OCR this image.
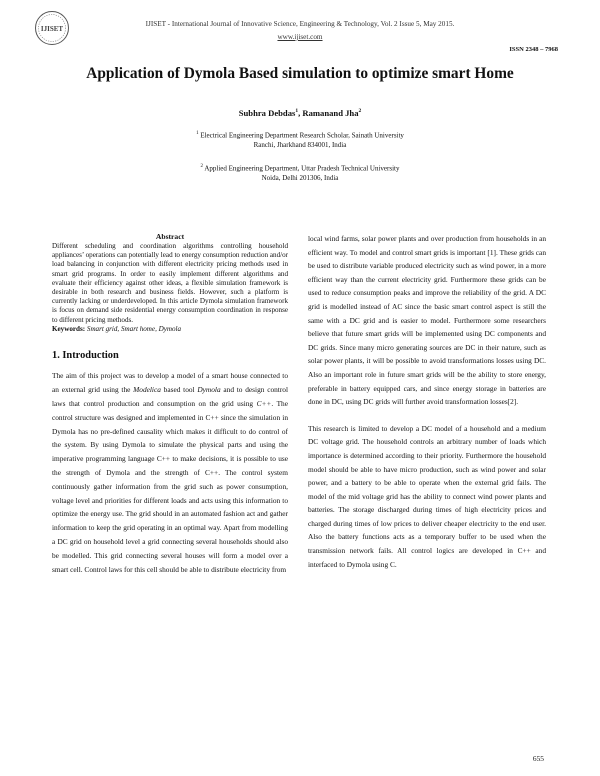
IJISET
IJISET - International Journal of Innovative Science, Engineering & Technology, Vol. 2 Issue 5, May 2015.
www.ijiset.com
ISSN 2348 – 7968
Application of Dymola Based simulation to optimize smart Home
Subhra Debdas$^1$, Ramanand Jha$^2$
$^1$ Electrical Engineering Department Research Scholar, Sainath University
Ranchi, Jharkhand 834001, India
$^2$ Applied Engineering Department, Uttar Pradesh Technical University
Noida, Delhi 201306, India
Abstract

Different scheduling and coordination algorithms controlling household appliances’ operations can potentially lead to energy consumption reduction and/or load balancing in conjunction with different electricity pricing methods used in smart grid programs. In order to easily implement different algorithms and evaluate their efficiency against other ideas, a flexible simulation framework is desirable in both research and business fields. However, such a platform is currently lacking or underdeveloped. In this article Dymola simulation framework is focus on demand side residential energy consumption coordination in response to different pricing methods.

Keywords: Smart grid, Smart home, Dymola

1. Introduction

The aim of this project was to develop a model of a smart house connected to an external grid using the Modelica based tool Dymola and to design control laws that control production and consumption on the grid using C++. The control structure was designed and implemented in C++ since the simulation in Dymola has no pre-defined causality which makes it difficult to do control of the system. By using Dymola to simulate the physical parts and using the imperative programming language C++ to make decisions, it is possible to use the strength of Dymola and the strength of C++. The control system continuously gather information from the grid such as power consumption, voltage level and priorities for different loads and acts using this information to optimize the energy use. The grid should in an automated fashion act and gather information to keep the grid operating in an optimal way. Apart from modelling a DC grid on household level a grid connecting several households should also be modelled. This grid connecting several houses will form a model over a smart cell. Control laws for this cell should be able to distribute electricity from

local wind farms, solar power plants and over production from households in an efficient way. To model and control smart grids is important [1]. These grids can be used to distribute variable produced electricity such as wind power, in a more efficient way than the current electricity grid. Furthermore these grids can be used to reduce consumption peaks and improve the reliability of the grid. A DC grid is modelled instead of AC since the basic smart control aspect is still the same with a DC grid and is easier to model. Furthermore some researchers believe that future smart grids will be implemented using DC components and DC grids. Since many micro generating sources are DC in their nature, such as solar power plants, it will be possible to avoid transformations losses using DC. Also an important role in future smart grids will be the ability to store energy, preferable in battery equipped cars, and since energy storage in batteries are done in DC, using DC grids will further avoid transformation losses[2].

This research is limited to develop a DC model of a household and a medium DC voltage grid. The household controls an arbitrary number of loads which importance is determined according to their priority. Furthermore the household model should be able to have micro production, such as wind power and solar power, and a battery to be able to operate when the external grid fails. The model of the mid voltage grid has the ability to connect wind power plants and batteries. The storage discharged during times of high electricity prices and charged during times of low prices to deliver cheaper electricity to the end user. Also the battery functions acts as a temporary buffer to be used when the transmission network fails. All control logics are developed in C++ and interfaced to Dymola using C.

655
